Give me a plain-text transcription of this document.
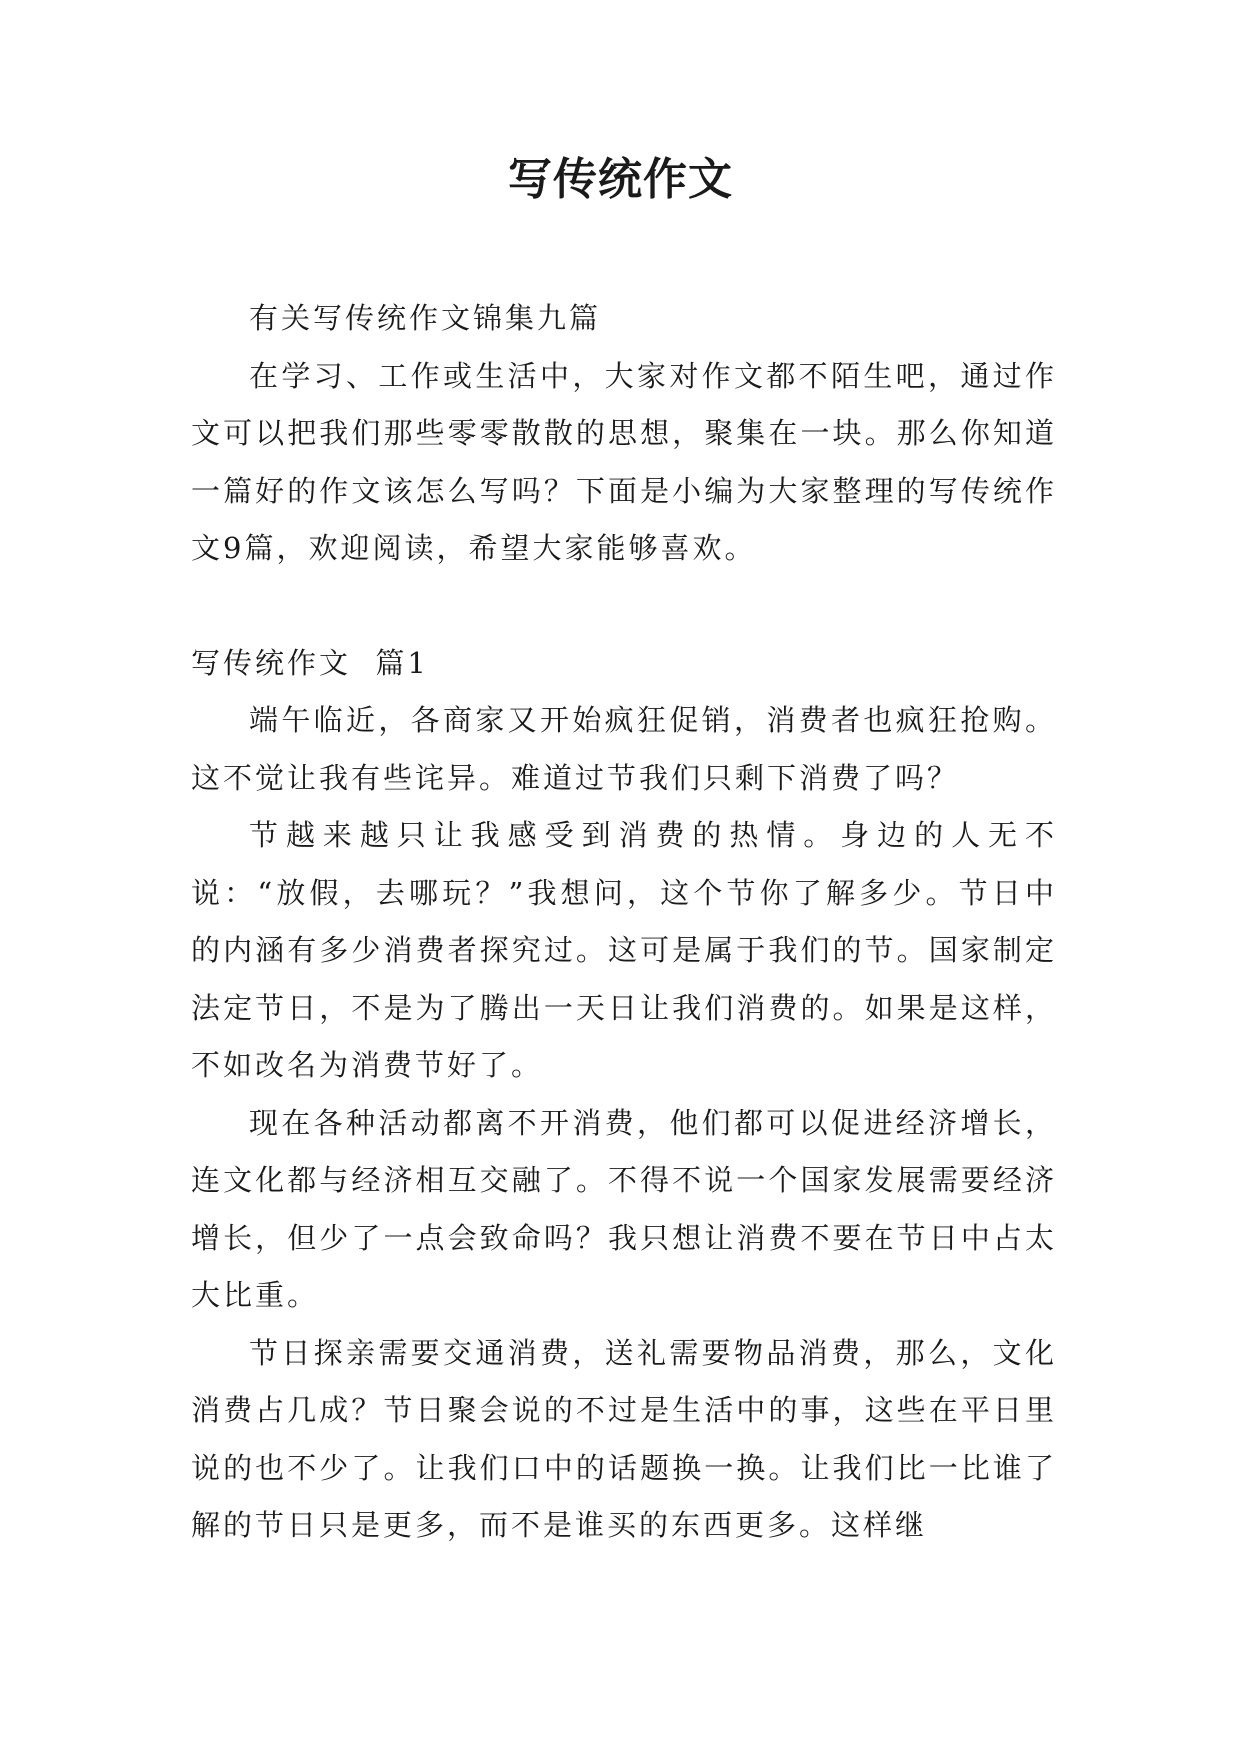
写传统作文

有关写传统作文锦集九篇

在学习、工作或生活中，大家对作文都不陌生吧，通过作文可以把我们那些零零散散的思想，聚集在一块。那么你知道一篇好的作文该怎么写吗？下面是小编为大家整理的写传统作文9篇，欢迎阅读，希望大家能够喜欢。

写传统作文  篇1

端午临近，各商家又开始疯狂促销，消费者也疯狂抢购。这不觉让我有些诧异。难道过节我们只剩下消费了吗？

节越来越只让我感受到消费的热情。身边的人无不说：“放假，去哪玩？”我想问，这个节你了解多少。节日中的内涵有多少消费者探究过。这可是属于我们的节。国家制定法定节日，不是为了腾出一天日让我们消费的。如果是这样，不如改名为消费节好了。

现在各种活动都离不开消费，他们都可以促进经济增长，连文化都与经济相互交融了。不得不说一个国家发展需要经济增长，但少了一点会致命吗？我只想让消费不要在节日中占太大比重。

节日探亲需要交通消费，送礼需要物品消费，那么，文化消费占几成？节日聚会说的不过是生活中的事，这些在平日里说的也不少了。让我们口中的话题换一换。让我们比一比谁了解的节日只是更多，而不是谁买的东西更多。这样继
